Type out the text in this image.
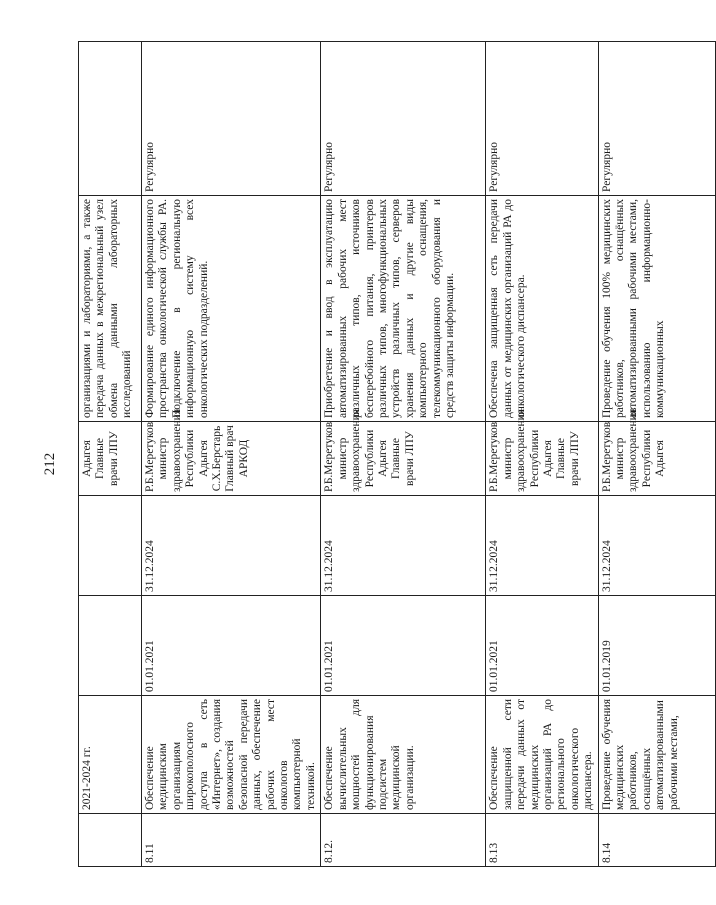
212
	2021-2024 гг.			Адыгея Главные врачи ЛПУ	организациями и лабораториями, а также передача данных в межрегиональный узел обмена данными лабораторных исследований	
8.11	Обеспечение медицинским организациям широкополосного доступа в сеть «Интернет», создания возможностей безопасной передачи данных, обеспечение рабочих мест онкологов компьютерной техникой.	01.01.2021	31.12.2024	Р.Б.Меретуков министр здравоохранения Республики Адыгея С.Х.Берстарь Главный врач АРКОД	Формирование единого информационного пространства онкологической службы РА. Подключение в региональную информационную систему всех онкологических подразделений.	Регулярно
8.12.	Обеспечение вычислительных мощностей для функционирования подсистем медицинской организации.	01.01.2021	31.12.2024	Р.Б.Меретуков министр здравоохранения Республики Адыгея Главные врачи ЛПУ	Приобретение и ввод в эксплуатацию автоматизированных рабочих мест различных типов, источников бесперебойного питания, принтеров различных типов, многофункциональных устройств различных типов, серверов хранения данных и другие виды компьютерного оснащения, телекоммуникационного оборудования и средств защиты информации.	Регулярно
8.13	Обеспечение защищенной сети передачи данных от медицинских организаций РА до регионального онкологического диспансера.	01.01.2021	31.12.2024	Р.Б.Меретуков министр здравоохранения Республики Адыгея Главные врачи ЛПУ	Обеспечена защищенная сеть передачи данных от медицинских организаций РА до онкологического диспансера.	Регулярно
8.14	Проведение обучения медицинских работников, оснащённых автоматизированными рабочими местами,	01.01.2019	31.12.2024	Р.Б.Меретуков министр здравоохранения Республики Адыгея	Проведение обучения 100% медицинских работников, оснащённых автоматизированными рабочими местами, использованию информационно-коммуникационных	Регулярно
